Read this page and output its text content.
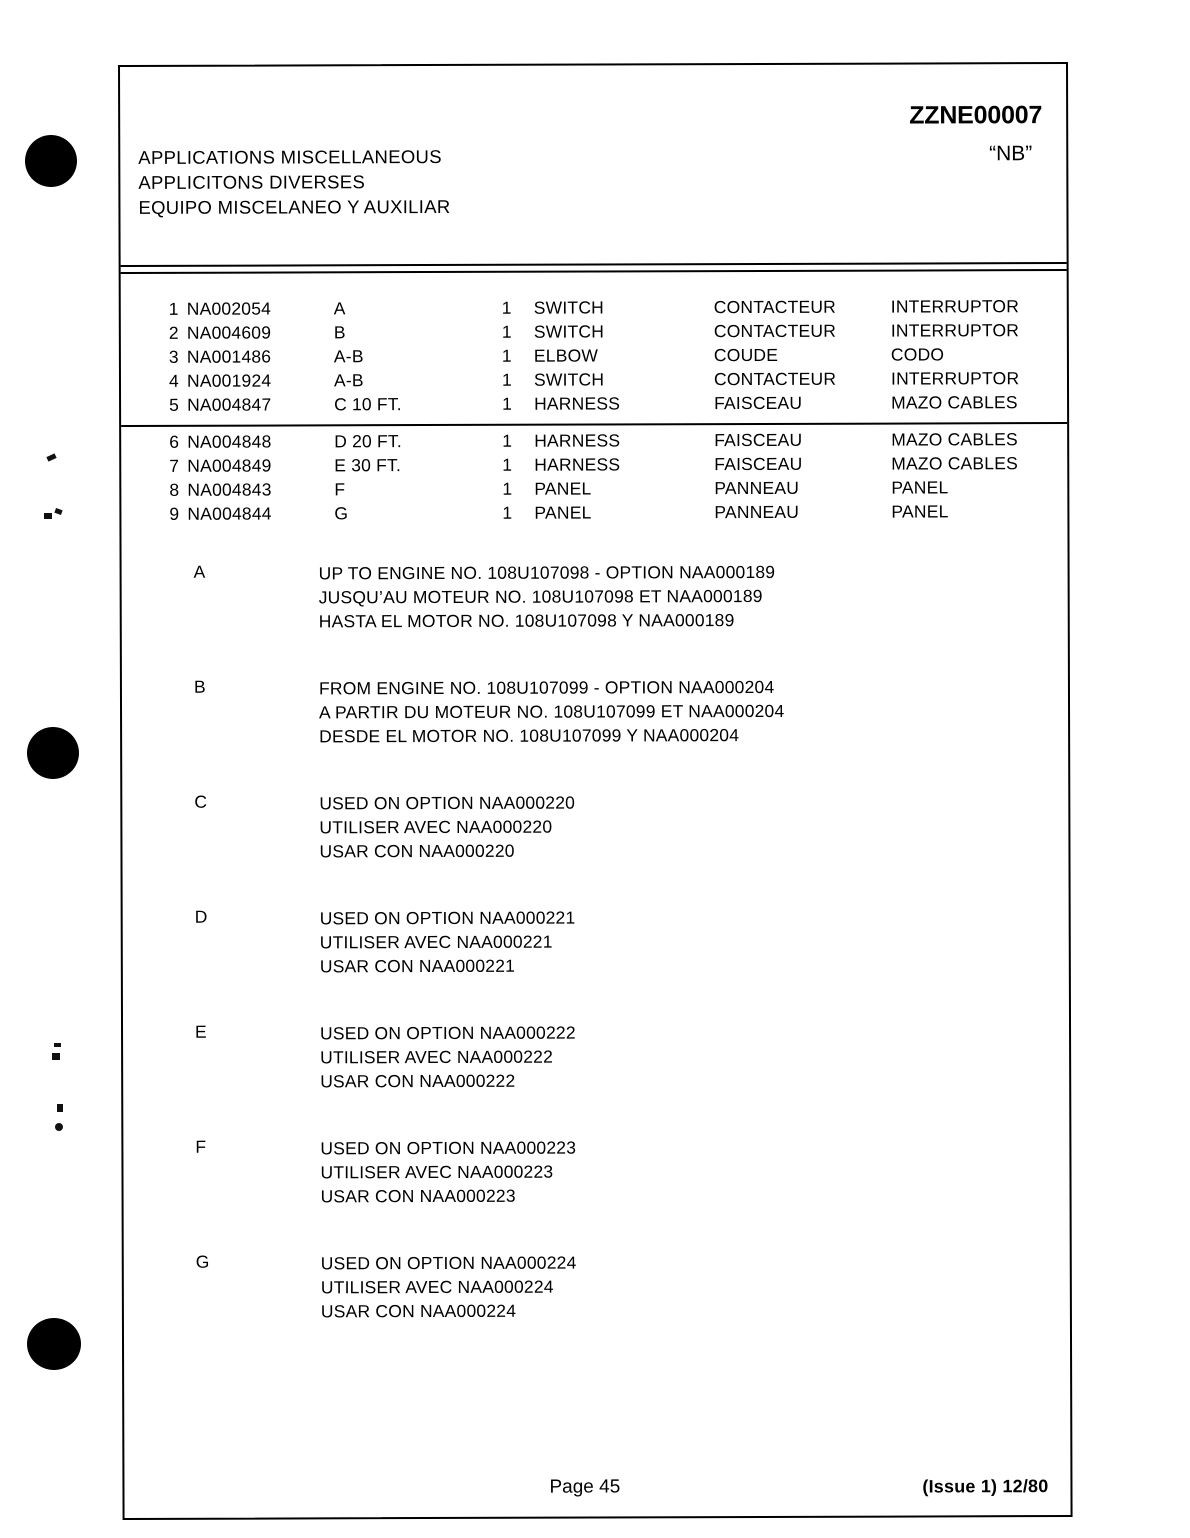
ZZNE00007
“NB”
APPLICATIONS MISCELLANEOUS
APPLICITONS DIVERSES
EQUIPO MISCELANEO Y AUXILIAR
1 NA002054	A	1 SWITCH	CONTACTEUR	INTERRUPTOR
2 NA004609	B	1 SWITCH	CONTACTEUR	INTERRUPTOR
3 NA001486	A-B	1 ELBOW	COUDE	CODO
4 NA001924	A-B	1 SWITCH	CONTACTEUR	INTERRUPTOR
5 NA004847	C 10 FT.	1 HARNESS	FAISCEAU	MAZO CABLES
6 NA004848	D 20 FT.	1 HARNESS	FAISCEAU	MAZO CABLES
7 NA004849	E 30 FT.	1 HARNESS	FAISCEAU	MAZO CABLES
8 NA004843	F	1 PANEL	PANNEAU	PANEL
9 NA004844	G	1 PANEL	PANNEAU	PANEL
A	UP TO ENGINE NO. 108U107098 - OPTION NAA000189
JUSQU’AU MOTEUR NO. 108U107098 ET NAA000189
HASTA EL MOTOR NO. 108U107098 Y NAA000189
B	FROM ENGINE NO. 108U107099 - OPTION NAA000204
A PARTIR DU MOTEUR NO. 108U107099 ET NAA000204
DESDE EL MOTOR NO. 108U107099 Y NAA000204
C	USED ON OPTION NAA000220
UTILISER AVEC NAA000220
USAR CON NAA000220
D	USED ON OPTION NAA000221
UTILISER AVEC NAA000221
USAR CON NAA000221
E	USED ON OPTION NAA000222
UTILISER AVEC NAA000222
USAR CON NAA000222
F	USED ON OPTION NAA000223
UTILISER AVEC NAA000223
USAR CON NAA000223
G	USED ON OPTION NAA000224
UTILISER AVEC NAA000224
USAR CON NAA000224
Page 45	(Issue 1) 12/80
